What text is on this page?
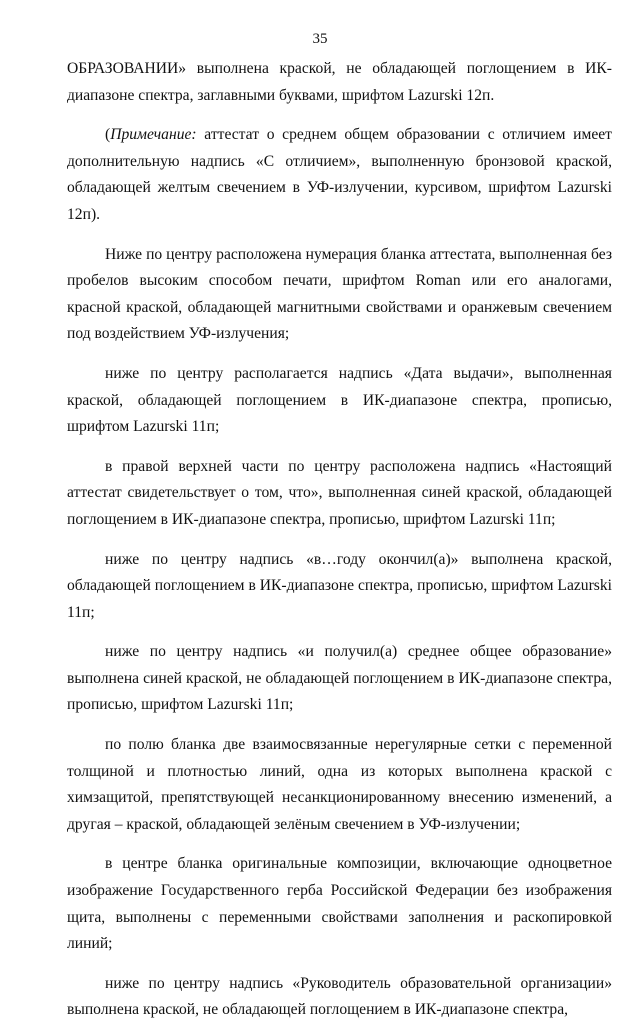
35

ОБРАЗОВАНИИ» выполнена краской, не обладающей поглощением в ИК-диапазоне спектра, заглавными буквами, шрифтом Lazurski 12п.

(Примечание: аттестат о среднем общем образовании с отличием имеет дополнительную надпись «С отличием», выполненную бронзовой краской, обладающей желтым свечением в УФ-излучении, курсивом, шрифтом Lazurski 12п).

Ниже по центру расположена нумерация бланка аттестата, выполненная без пробелов высоким способом печати, шрифтом Roman или его аналогами, красной краской, обладающей магнитными свойствами и оранжевым свечением под воздействием УФ-излучения;

ниже по центру располагается надпись «Дата выдачи», выполненная краской, обладающей поглощением в ИК-диапазоне спектра, прописью, шрифтом Lazurski 11п;

в правой верхней части по центру расположена надпись «Настоящий аттестат свидетельствует о том, что», выполненная синей краской, обладающей поглощением в ИК-диапазоне спектра, прописью, шрифтом Lazurski 11п;

ниже по центру надпись «в…году окончил(а)» выполнена краской, обладающей поглощением в ИК-диапазоне спектра, прописью, шрифтом Lazurski 11п;

ниже по центру надпись «и получил(а) среднее общее образование» выполнена синей краской, не обладающей поглощением в ИК-диапазоне спектра, прописью, шрифтом Lazurski 11п;

по полю бланка две взаимосвязанные нерегулярные сетки с переменной толщиной и плотностью линий, одна из которых выполнена краской с химзащитой, препятствующей несанкционированному внесению изменений, а другая – краской, обладающей зелёным свечением в УФ-излучении;

в центре бланка оригинальные композиции, включающие одноцветное изображение Государственного герба Российской Федерации без изображения щита, выполнены с переменными свойствами заполнения и раскопировкой линий;

ниже по центру надпись «Руководитель образовательной организации» выполнена краской, не обладающей поглощением в ИК-диапазоне спектра,
